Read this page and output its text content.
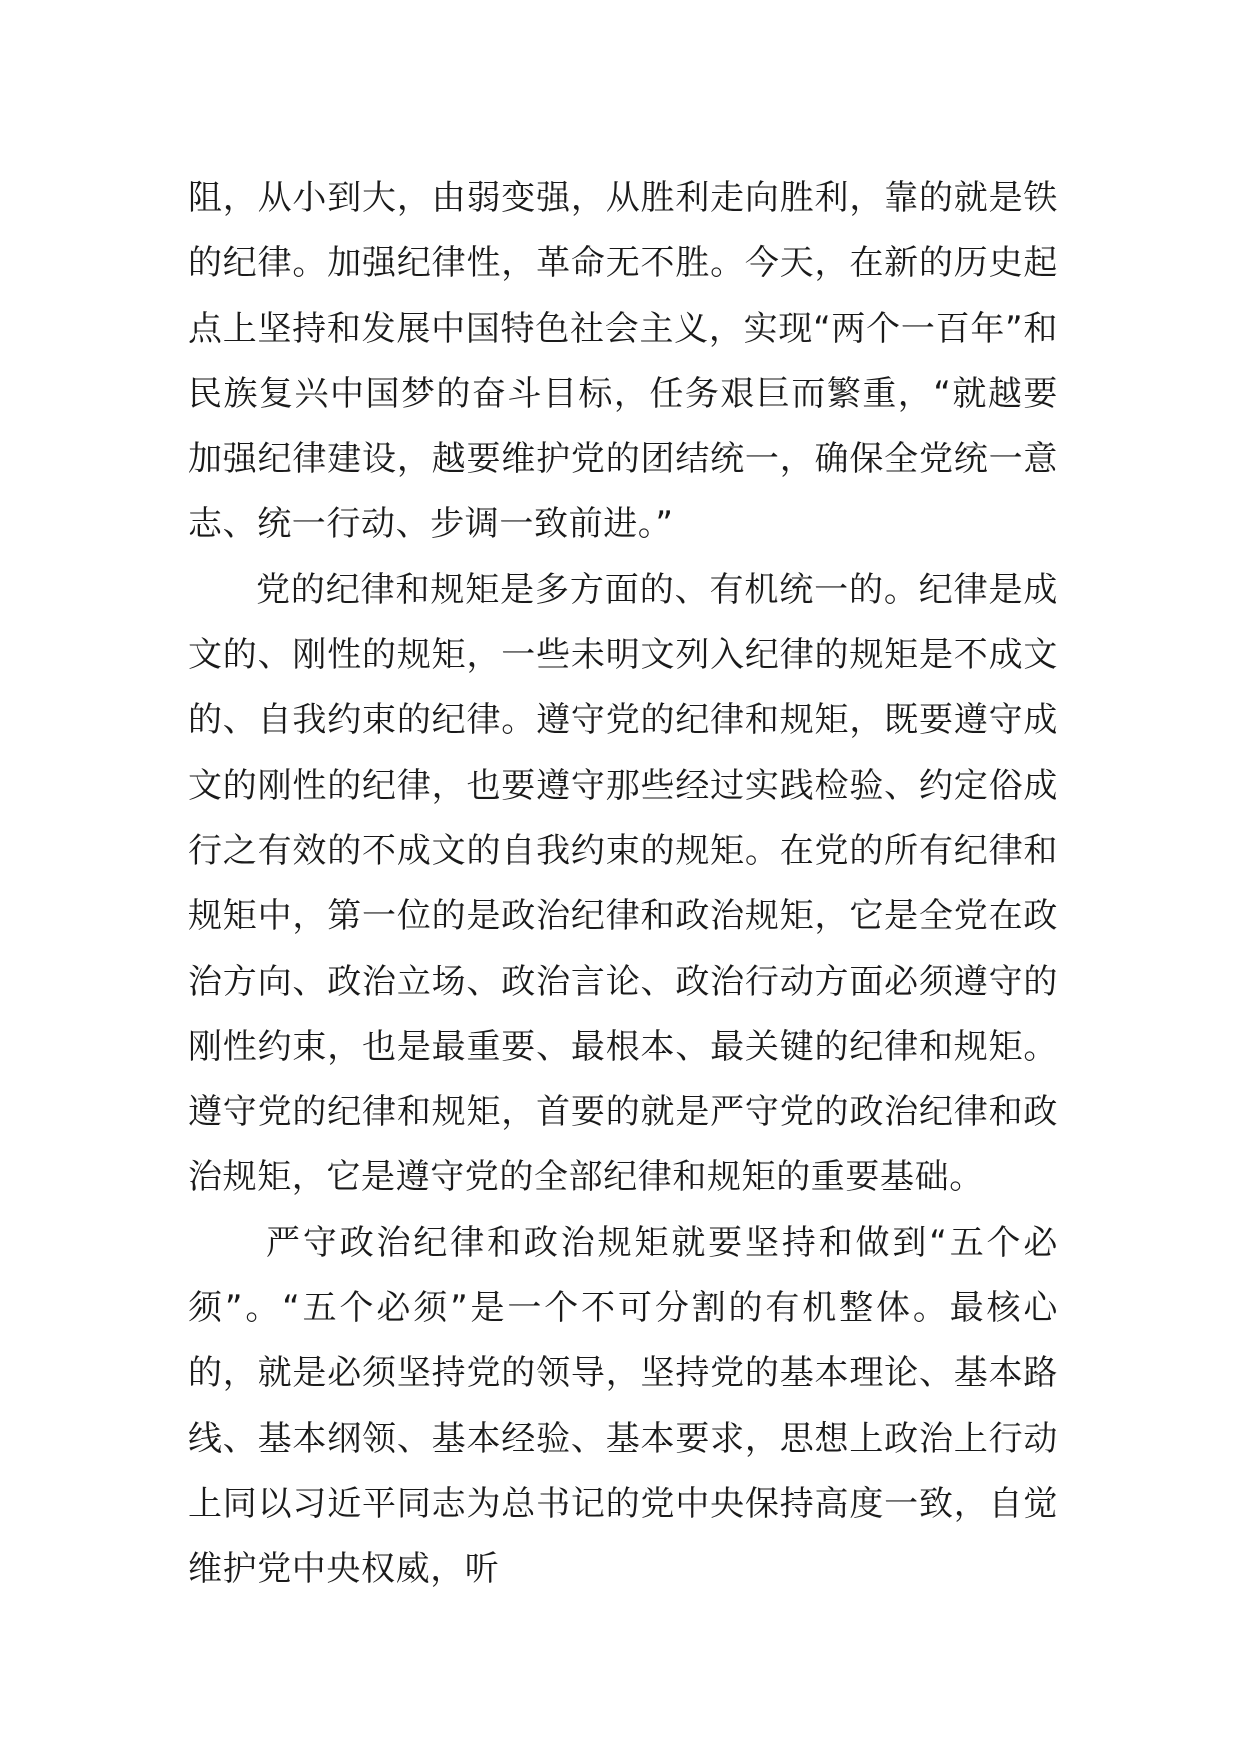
阻，从小到大，由弱变强，从胜利走向胜利，靠的就是铁的纪律。加强纪律性，革命无不胜。今天，在新的历史起点上坚持和发展中国特色社会主义，实现“两个一百年”和民族复兴中国梦的奋斗目标，任务艰巨而繁重，“就越要加强纪律建设，越要维护党的团结统一，确保全党统一意志、统一行动、步调一致前进。”

党的纪律和规矩是多方面的、有机统一的。纪律是成文的、刚性的规矩，一些未明文列入纪律的规矩是不成文的、自我约束的纪律。遵守党的纪律和规矩，既要遵守成文的刚性的纪律，也要遵守那些经过实践检验、约定俗成行之有效的不成文的自我约束的规矩。在党的所有纪律和规矩中，第一位的是政治纪律和政治规矩，它是全党在政治方向、政治立场、政治言论、政治行动方面必须遵守的刚性约束，也是最重要、最根本、最关键的纪律和规矩。遵守党的纪律和规矩，首要的就是严守党的政治纪律和政治规矩，它是遵守党的全部纪律和规矩的重要基础。

严守政治纪律和政治规矩就要坚持和做到“五个必须”。“五个必须”是一个不可分割的有机整体。最核心的，就是必须坚持党的领导，坚持党的基本理论、基本路线、基本纲领、基本经验、基本要求，思想上政治上行动上同以习近平同志为总书记的党中央保持高度一致，自觉维护党中央权威，听
